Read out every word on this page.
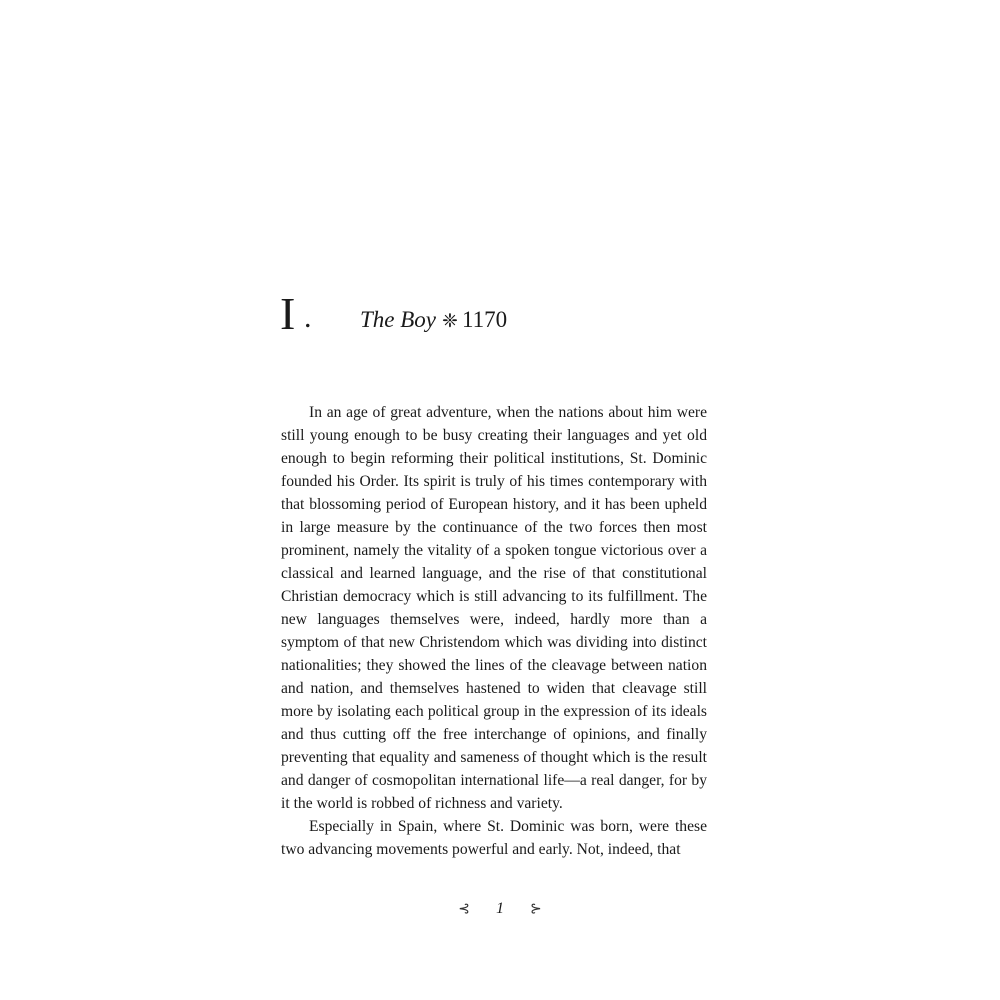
I . The Boy ❈ 1170

In an age of great adventure, when the nations about him were still young enough to be busy creating their languages and yet old enough to begin reforming their political institutions, St. Dominic founded his Order. Its spirit is truly of his times contemporary with that blossoming period of European history, and it has been upheld in large measure by the continuance of the two forces then most prominent, namely the vitality of a spoken tongue victorious over a classical and learned language, and the rise of that constitutional Christian democracy which is still advancing to its fulfillment. The new languages themselves were, indeed, hardly more than a symptom of that new Christendom which was dividing into distinct nationalities; they showed the lines of the cleavage between nation and nation, and themselves hastened to widen that cleavage still more by isolating each political group in the expression of its ideals and thus cutting off the free interchange of opinions, and finally preventing that equality and sameness of thought which is the result and danger of cosmopolitan international life—a real danger, for by it the world is robbed of richness and variety.

Especially in Spain, where St. Dominic was born, were these two advancing movements powerful and early. Not, indeed, that

⊰ 1 ⊱
